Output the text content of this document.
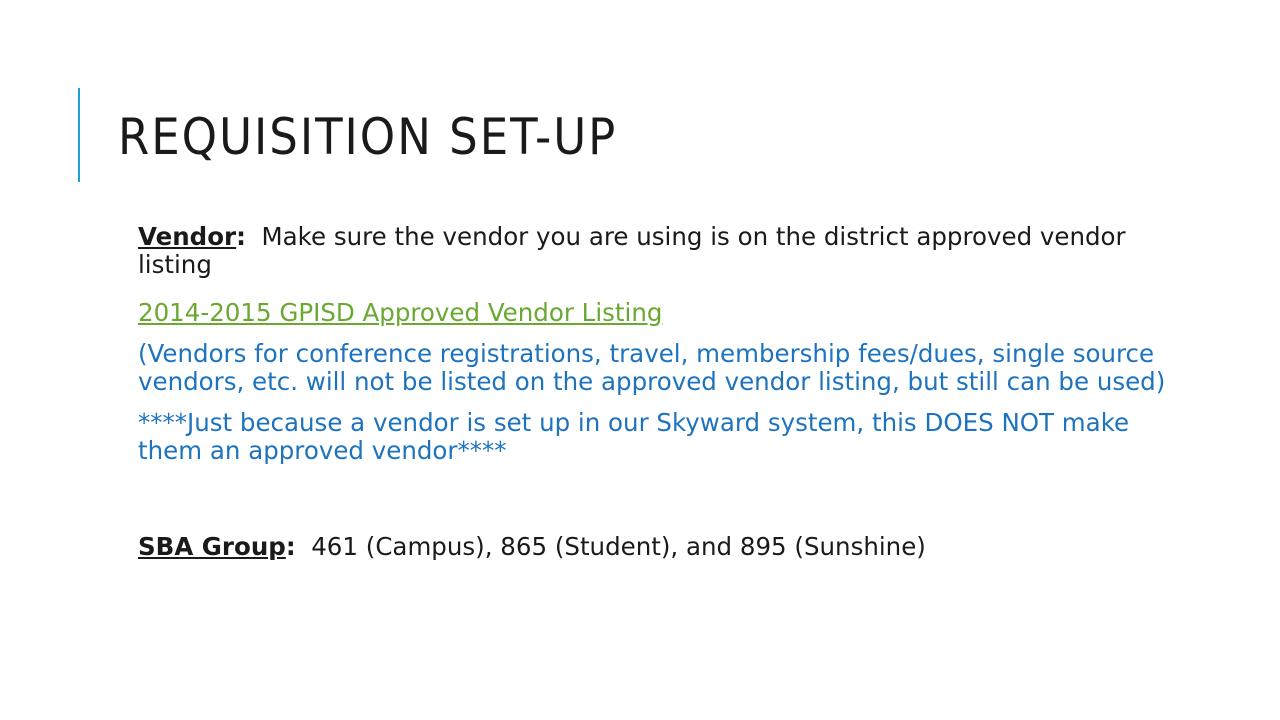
REQUISITION SET-UP

Vendor:  Make sure the vendor you are using is on the district approved vendor listing

2014-2015 GPISD Approved Vendor Listing

(Vendors for conference registrations, travel, membership fees/dues, single source vendors, etc. will not be listed on the approved vendor listing, but still can be used)

****Just because a vendor is set up in our Skyward system, this DOES NOT make them an approved vendor****

SBA Group:  461 (Campus), 865 (Student), and 895 (Sunshine)
